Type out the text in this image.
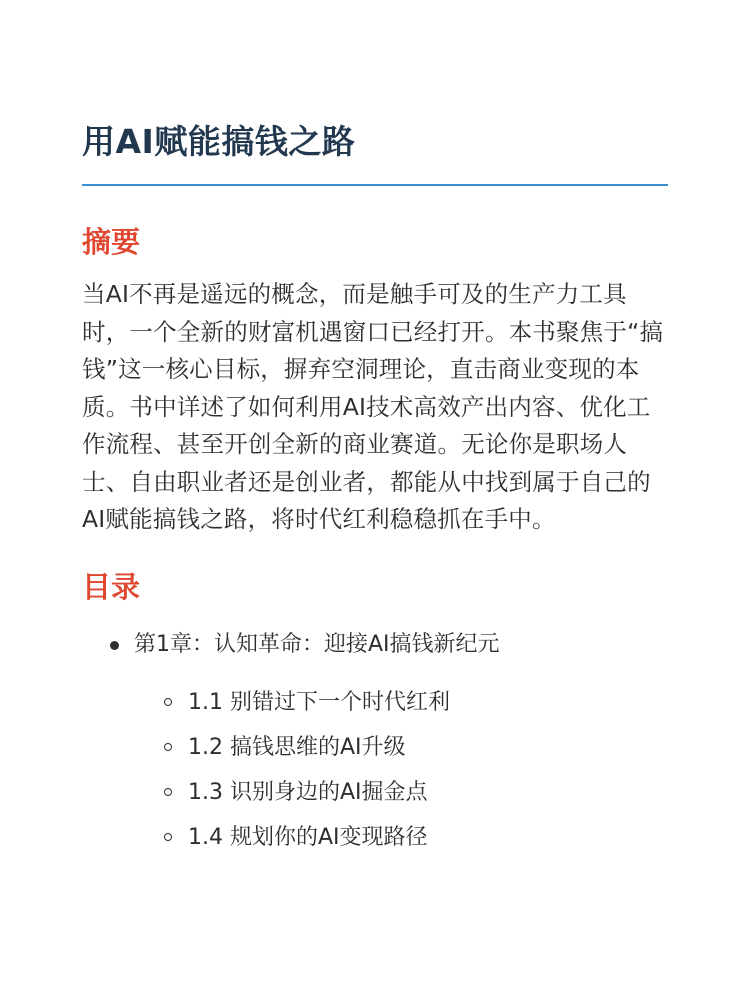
用AI赋能搞钱之路
摘要

当AI不再是遥远的概念，而是触手可及的生产力工具时，一个全新的财富机遇窗口已经打开。本书聚焦于“搞钱”这一核心目标，摒弃空洞理论，直击商业变现的本质。书中详述了如何利用AI技术高效产出内容、优化工作流程、甚至开创全新的商业赛道。无论你是职场人士、自由职业者还是创业者，都能从中找到属于自己的AI赋能搞钱之路，将时代红利稳稳抓在手中。

目录
第1章：认知革命：迎接AI搞钱新纪元
1.1 别错过下一个时代红利
1.2 搞钱思维的AI升级
1.3 识别身边的AI掘金点
1.4 规划你的AI变现路径
